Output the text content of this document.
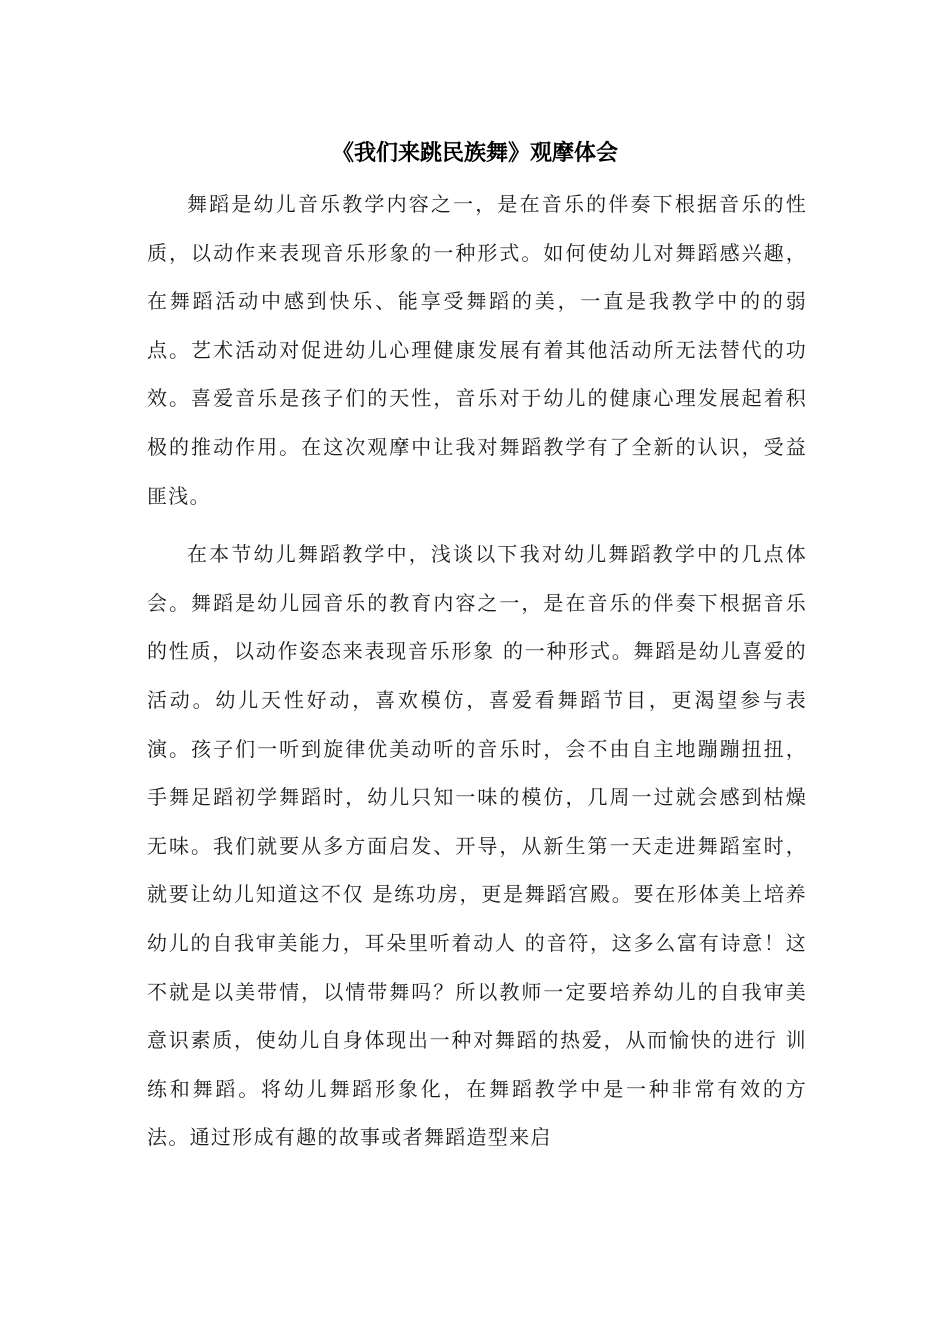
《我们来跳民族舞》观摩体会

舞蹈是幼儿音乐教学内容之一，是在音乐的伴奏下根据音乐的性质，以动作来表现音乐形象的一种形式。如何使幼儿对舞蹈感兴趣，在舞蹈活动中感到快乐、能享受舞蹈的美，一直是我教学中的的弱点。艺术活动对促进幼儿心理健康发展有着其他活动所无法替代的功效。喜爱音乐是孩子们的天性，音乐对于幼儿的健康心理发展起着积极的推动作用。在这次观摩中让我对舞蹈教学有了全新的认识，受益匪浅。

在本节幼儿舞蹈教学中，浅谈以下我对幼儿舞蹈教学中的几点体会。舞蹈是幼儿园音乐的教育内容之一，是在音乐的伴奏下根据音乐的性质，以动作姿态来表现音乐形象 的一种形式。舞蹈是幼儿喜爱的活动。幼儿天性好动，喜欢模仿，喜爱看舞蹈节目，更渴望参与表演。孩子们一听到旋律优美动听的音乐时，会不由自主地蹦蹦扭扭，手舞足蹈初学舞蹈时，幼儿只知一味的模仿，几周一过就会感到枯燥无味。我们就要从多方面启发、开导，从新生第一天走进舞蹈室时，就要让幼儿知道这不仅 是练功房，更是舞蹈宫殿。要在形体美上培养幼儿的自我审美能力，耳朵里听着动人 的音符，这多么富有诗意！这不就是以美带情，以情带舞吗？所以教师一定要培养幼儿的自我审美意识素质，使幼儿自身体现出一种对舞蹈的热爱，从而愉快的进行 训练和舞蹈。将幼儿舞蹈形象化，在舞蹈教学中是一种非常有效的方法。通过形成有趣的故事或者舞蹈造型来启
